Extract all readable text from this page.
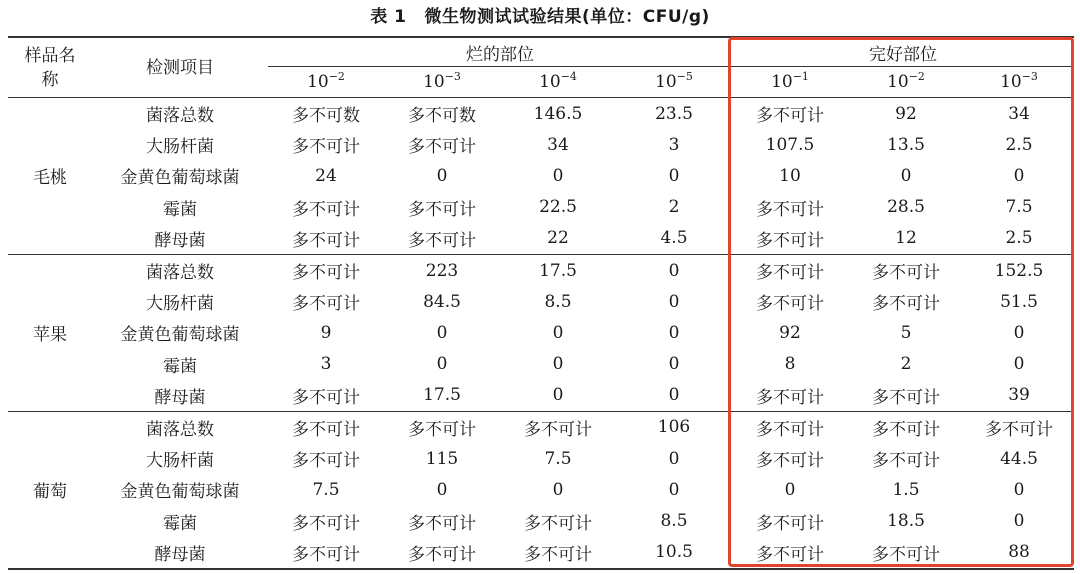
表 1 微生物测试试验结果(单位：CFU/g)
样品名称	检测项目	烂的部位				完好部位		
		$10^{-2}$	$10^{-3}$	$10^{-4}$	$10^{-5}$	$10^{-1}$	$10^{-2}$	$10^{-3}$
毛桃	菌落总数	多不可数	多不可数	146.5	23.5	多不可计	92	34
	大肠杆菌	多不可计	多不可计	34	3	107.5	13.5	2.5
	金黄色葡萄球菌	24	0	0	0	10	0	0
	霉菌	多不可计	多不可计	22.5	2	多不可计	28.5	7.5
	酵母菌	多不可计	多不可计	22	4.5	多不可计	12	2.5
苹果	菌落总数	多不可计	223	17.5	0	多不可计	多不可计	152.5
	大肠杆菌	多不可计	84.5	8.5	0	多不可计	多不可计	51.5
	金黄色葡萄球菌	9	0	0	0	92	5	0
	霉菌	3	0	0	0	8	2	0
	酵母菌	多不可计	17.5	0	0	多不可计	多不可计	39
葡萄	菌落总数	多不可计	多不可计	多不可计	106	多不可计	多不可计	多不可计
	大肠杆菌	多不可计	115	7.5	0	多不可计	多不可计	44.5
	金黄色葡萄球菌	7.5	0	0	0	0	1.5	0
	霉菌	多不可计	多不可计	多不可计	8.5	多不可计	18.5	0
	酵母菌	多不可计	多不可计	多不可计	10.5	多不可计	多不可计	88
